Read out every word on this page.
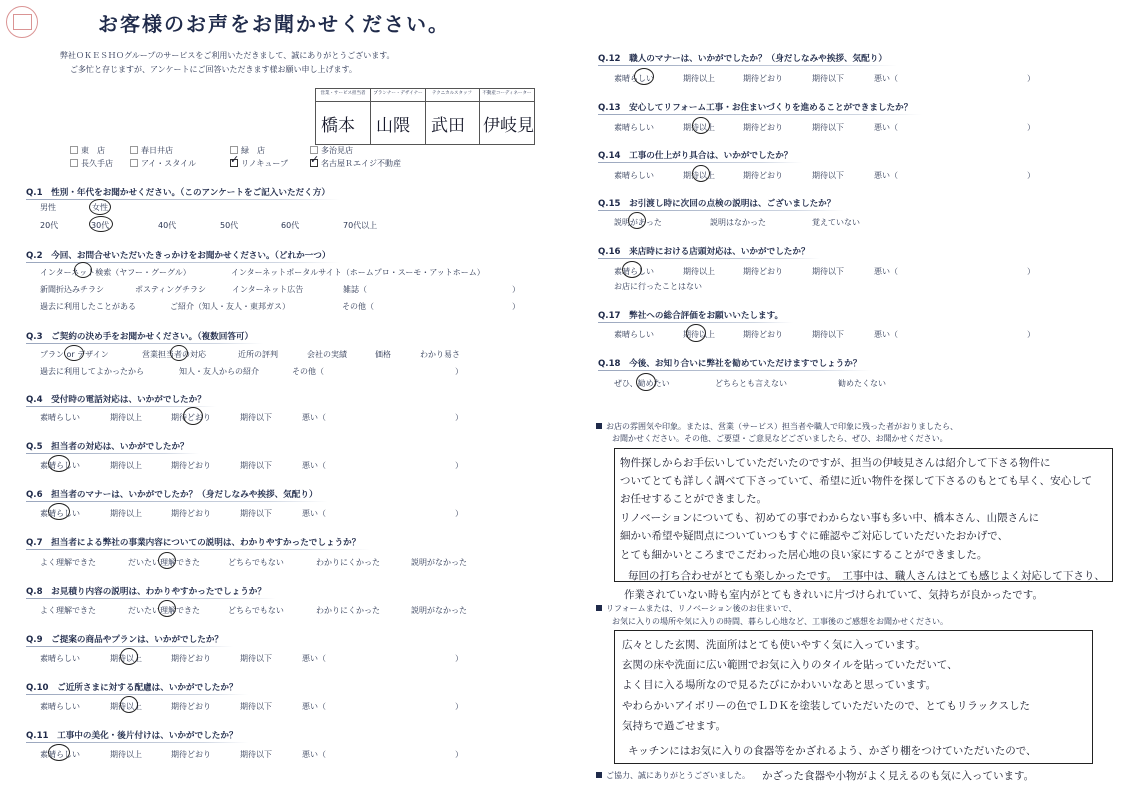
お客様のお声をお聞かせください。
弊社ＯＫＥＳＨＯグループのサービスをご利用いただきまして、誠にありがとうございます。
ご多忙と存じますが、アンケートにご回答いただきます様お願い申し上げます。
営業・サービス担当者	プランナー・デザイナー	テクニカルスタッフ	不動産コーディネーター
橋本 山隈 武田 伊岐見
東　店	春日井店	緑　店	多治見店
長久手店	アイ・スタイル	リノキューブ	名古屋Ｒエイジ不動産
✓	✓
Q.1　性別・年代をお聞かせください。（このアンケートをご記入いただく方）
男性	女性
20代	30代	40代	50代	60代	70代以上
Q.2　今回、お問合せいただいたきっかけをお聞かせください。（どれか一つ）
インターネット検索（ヤフー・グーグル）	インターネットポータルサイト（ホームプロ・スーモ・アットホーム）
新聞折込みチラシ	ポスティングチラシ	インターネット広告	雑誌（	）
過去に利用したことがある	ご紹介（知人・友人・東邦ガス）	その他（	）
Q.3　ご契約の決め手をお聞かせください。（複数回答可）
プラン or デザイン	営業担当者の対応	近所の評判	会社の実績	価格	わかり易さ
過去に利用してよかったから	知人・友人からの紹介	その他（	）
Q.4　受付時の電話対応は、いかがでしたか？
素晴らしい	期待以上	期待どおり	期待以下	悪い（	）
Q.5　担当者の対応は、いかがでしたか？
素晴らしい	期待以上	期待どおり	期待以下	悪い（	）
Q.6　担当者のマナーは、いかがでしたか？（身だしなみや挨拶、気配り）
素晴らしい	期待以上	期待どおり	期待以下	悪い（	）
Q.7　担当者による弊社の事業内容についての説明は、わかりやすかったでしょうか？
よく理解できた	だいたい理解できた	どちらでもない	わかりにくかった	説明がなかった
Q.8　お見積り内容の説明は、わかりやすかったでしょうか？
よく理解できた	だいたい理解できた	どちらでもない	わかりにくかった	説明がなかった
Q.9　ご提案の商品やプランは、いかがでしたか？
素晴らしい	期待以上	期待どおり	期待以下	悪い（	）
Q.10　ご近所さまに対する配慮は、いかがでしたか？
素晴らしい	期待以上	期待どおり	期待以下	悪い（	）
Q.11　工事中の美化・後片付けは、いかがでしたか？
素晴らしい	期待以上	期待どおり	期待以下	悪い（	）
Q.12　職人のマナーは、いかがでしたか？（身だしなみや挨拶、気配り）
素晴らしい	期待以上	期待どおり	期待以下	悪い（	）
Q.13　安心してリフォーム工事・お住まいづくりを進めることができましたか？
素晴らしい	期待以上	期待どおり	期待以下	悪い（	）
Q.14　工事の仕上がり具合は、いかがでしたか？
素晴らしい	期待以上	期待どおり	期待以下	悪い（	）
Q.15　お引渡し時に次回の点検の説明は、ございましたか？
説明があった	説明はなかった	覚えていない
Q.16　来店時における店頭対応は、いかがでしたか？
素晴らしい	期待以上	期待どおり	期待以下	悪い（	）
お店に行ったことはない
Q.17　弊社への総合評価をお願いいたします。
素晴らしい	期待以上	期待どおり	期待以下	悪い（	）
Q.18　今後、お知り合いに弊社を勧めていただけますでしょうか？
ぜひ、勧めたい	どちらとも言えない	勧めたくない
お店の雰囲気や印象。または、営業（サービス）担当者や職人で印象に残った者がおりましたら、
お聞かせください。その他、ご要望・ご意見などございましたら、ぜひ、お聞かせください。
物件探しからお手伝いしていただいたのですが、担当の伊岐見さんは紹介して下さる物件に
ついてとても詳しく調べて下さっていて、希望に近い物件を探して下さるのもとても早く、安心して
お任せすることができました。
リノベーションについても、初めての事でわからない事も多い中、橋本さん、山隈さんに
細かい希望や疑問点についていつもすぐに確認やご対応していただいたおかげで、
とても細かいところまでこだわった居心地の良い家にすることができました。
毎回の打ち合わせがとても楽しかったです。　工事中は、職人さんはとても感じよく対応して下さり、
作業されていない時も室内がとてもきれいに片づけられていて、気持ちが良かったです。
リフォームまたは、リノベーション後のお住まいで、
お気に入りの場所や気に入りの時間、暮らし心地など、工事後のご感想をお聞かせください。
広々とした玄関、洗面所はとても使いやすく気に入っています。
玄関の床や洗面に広い範囲でお気に入りのタイルを貼っていただいて、
よく目に入る場所なので見るたびにかわいいなあと思っています。
やわらかいアイボリーの色でＬＤＫを塗装していただいたので、とてもリラックスした
気持ちで過ごせます。
キッチンにはお気に入りの食器等をかざれるよう、かざり棚をつけていただいたので、
ご協力、誠にありがとうございました。 かざった食器や小物がよく見えるのも気に入っています。
